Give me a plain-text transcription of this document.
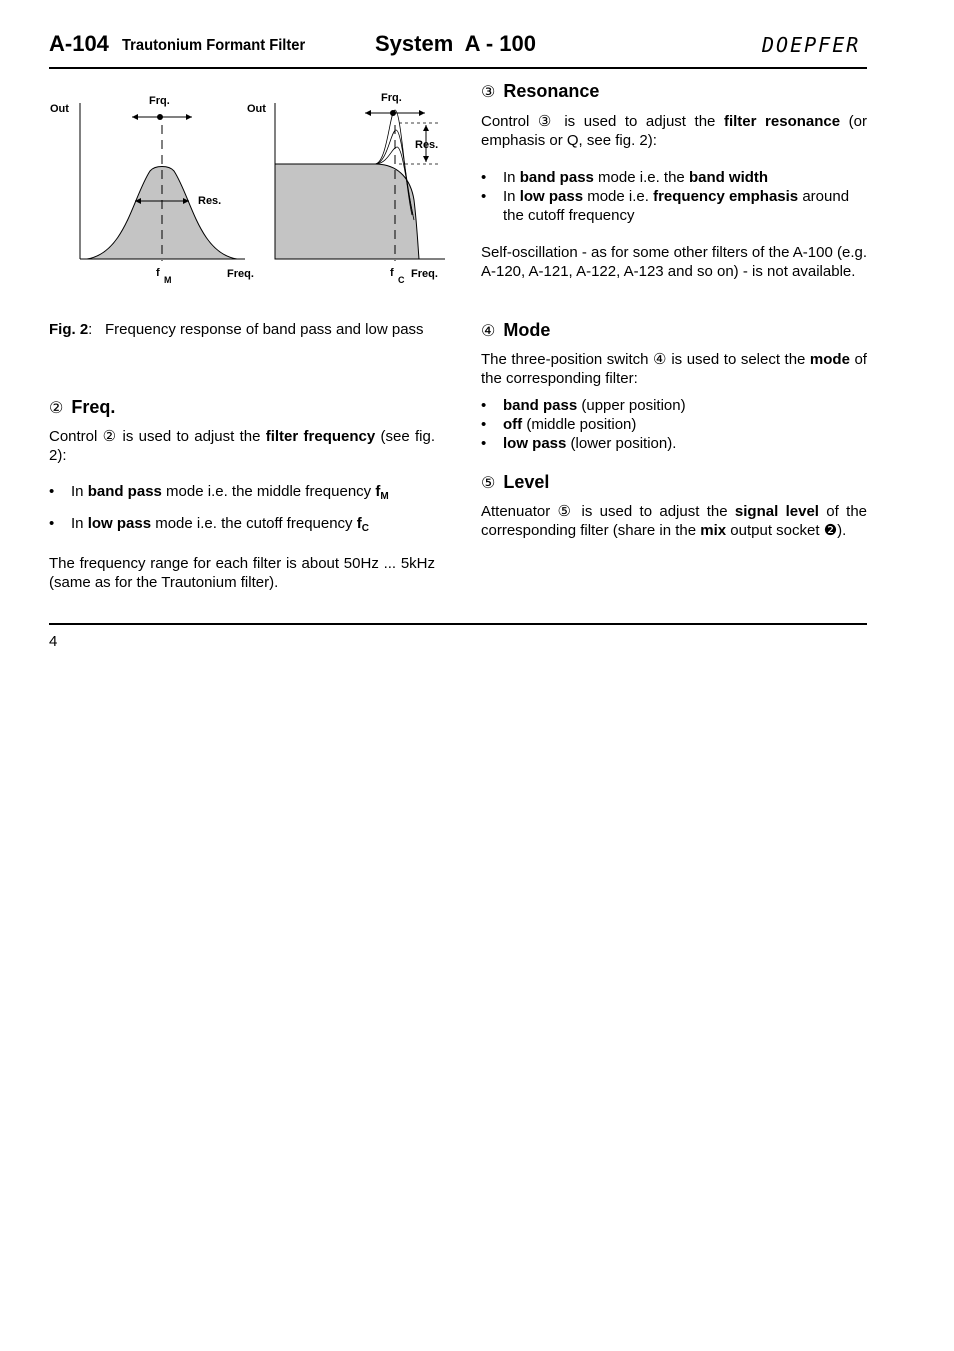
A-104 Trautonium Formant Filter	System  A - 100	DOEPFER
Out
Frq.
Res.
f
M	Freq.
Out
Frq.
Res.
f
C Freq.
Fig. 2: Frequency response of band pass and low pass
② Freq.

Control ② is used to adjust the filter frequency (see fig. 2):

• In band pass mode i.e. the middle frequency $f_M$
• In low pass mode i.e. the cutoff frequency $f_C$

The frequency range for each filter is about 50Hz ... 5kHz (same as for the Trautonium filter).

③ Resonance

Control ③ is used to adjust the filter resonance (or emphasis or Q, see fig. 2):

• In band pass mode i.e. the band width
• In low pass mode i.e. frequency emphasis around the cutoff frequency

Self-oscillation - as for some other filters of the A-100 (e.g. A-120, A-121, A-122, A-123 and so on) - is not available.

④ Mode

The three-position switch ④ is used to select the mode of the corresponding filter:

• band pass (upper position)
• off (middle position)
• low pass (lower position).
⑤ Level

Attenuator ⑤ is used to adjust the signal level of the corresponding filter (share in the mix output socket ❷).

4
